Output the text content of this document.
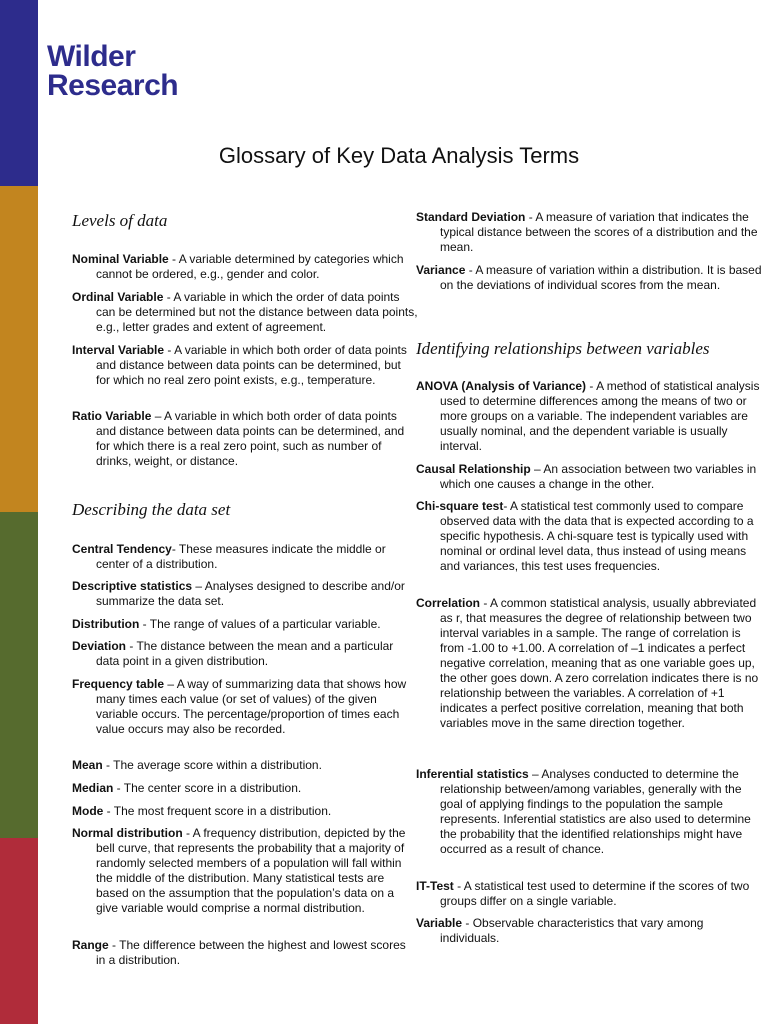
Wilder
Research
Glossary of Key Data Analysis Terms
Levels of data
Nominal Variable - A variable determined by categories which cannot be ordered, e.g., gender and color.
Ordinal Variable - A variable in which the order of data points can be determined but not the distance between data points, e.g., letter grades and extent of agreement.
Interval Variable - A variable in which both order of data points and distance between data points can be determined, but for which no real zero point exists, e.g., temperature.
Ratio Variable – A variable in which both order of data points and distance between data points can be determined, and for which there is a real zero point, such as number of drinks, weight, or distance.
Describing the data set
Central Tendency- These measures indicate the middle or center of a distribution.
Descriptive statistics – Analyses designed to describe and/or summarize the data set.
Distribution - The range of values of a particular variable.
Deviation - The distance between the mean and a particular data point in a given distribution.
Frequency table – A way of summarizing data that shows how many times each value (or set of values) of the given variable occurs. The percentage/proportion of times each value occurs may also be recorded.
Mean - The average score within a distribution.
Median - The center score in a distribution.
Mode - The most frequent score in a distribution.
Normal distribution - A frequency distribution, depicted by the bell curve, that represents the probability that a majority of randomly selected members of a population will fall within the middle of the distribution. Many statistical tests are based on the assumption that the population’s data on a give variable would comprise a normal distribution.
Range - The difference between the highest and lowest scores in a distribution.
Standard Deviation - A measure of variation that indicates the typical distance between the scores of a distribution and the mean.
Variance - A measure of variation within a distribution. It is based on the deviations of individual scores from the mean.
Identifying relationships between variables
ANOVA (Analysis of Variance) - A method of statistical analysis used to determine differences among the means of two or more groups on a variable. The independent variables are usually nominal, and the dependent variable is usually interval.
Causal Relationship – An association between two variables in which one causes a change in the other.
Chi-square test- A statistical test commonly used to compare observed data with the data that is expected according to a specific hypothesis. A chi-square test is typically used with nominal or ordinal level data, thus instead of using means and variances, this test uses frequencies.
Correlation - A common statistical analysis, usually abbreviated as r, that measures the degree of relationship between two interval variables in a sample. The range of correlation is from -1.00 to +1.00. A correlation of –1 indicates a perfect negative correlation, meaning that as one variable goes up, the other goes down. A zero correlation indicates there is no relationship between the variables. A correlation of +1 indicates a perfect positive correlation, meaning that both variables move in the same direction together.
Inferential statistics – Analyses conducted to determine the relationship between/among variables, generally with the goal of applying findings to the population the sample represents. Inferential statistics are also used to determine the probability that the identified relationships might have occurred as a result of chance.
IT-Test - A statistical test used to determine if the scores of two groups differ on a single variable.
Variable - Observable characteristics that vary among individuals.
